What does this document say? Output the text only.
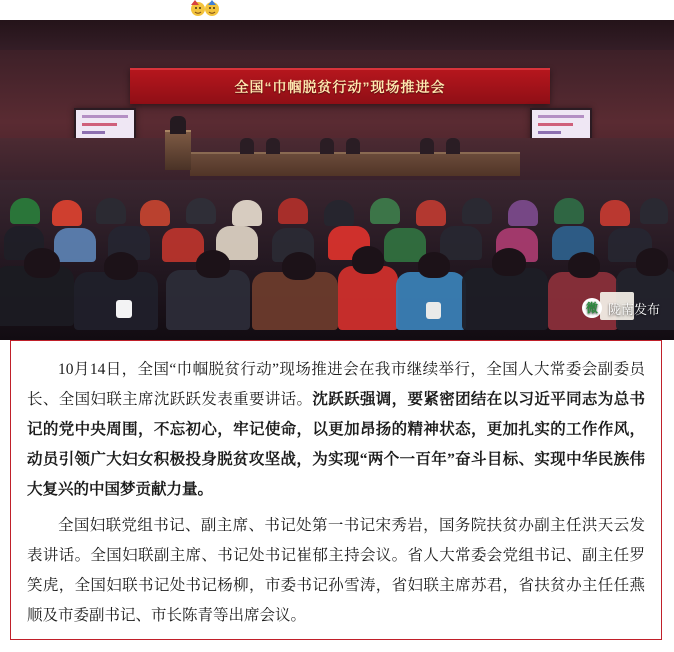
全国“巾帼脱贫行动”现场推进会
微 陇南发布

10月14日，全国“巾帼脱贫行动”现场推进会在我市继续举行，全国人大常委会副委员长、全国妇联主席沈跃跃发表重要讲话。沈跃跃强调，要紧密团结在以习近平同志为总书记的党中央周围，不忘初心，牢记使命，以更加昂扬的精神状态，更加扎实的工作作风，动员引领广大妇女积极投身脱贫攻坚战，为实现“两个一百年”奋斗目标、实现中华民族伟大复兴的中国梦贡献力量。

全国妇联党组书记、副主席、书记处第一书记宋秀岩，国务院扶贫办副主任洪天云发表讲话。全国妇联副主席、书记处书记崔郁主持会议。省人大常委会党组书记、副主任罗笑虎，全国妇联书记处书记杨柳，市委书记孙雪涛，省妇联主席苏君，省扶贫办主任任燕顺及市委副书记、市长陈青等出席会议。
